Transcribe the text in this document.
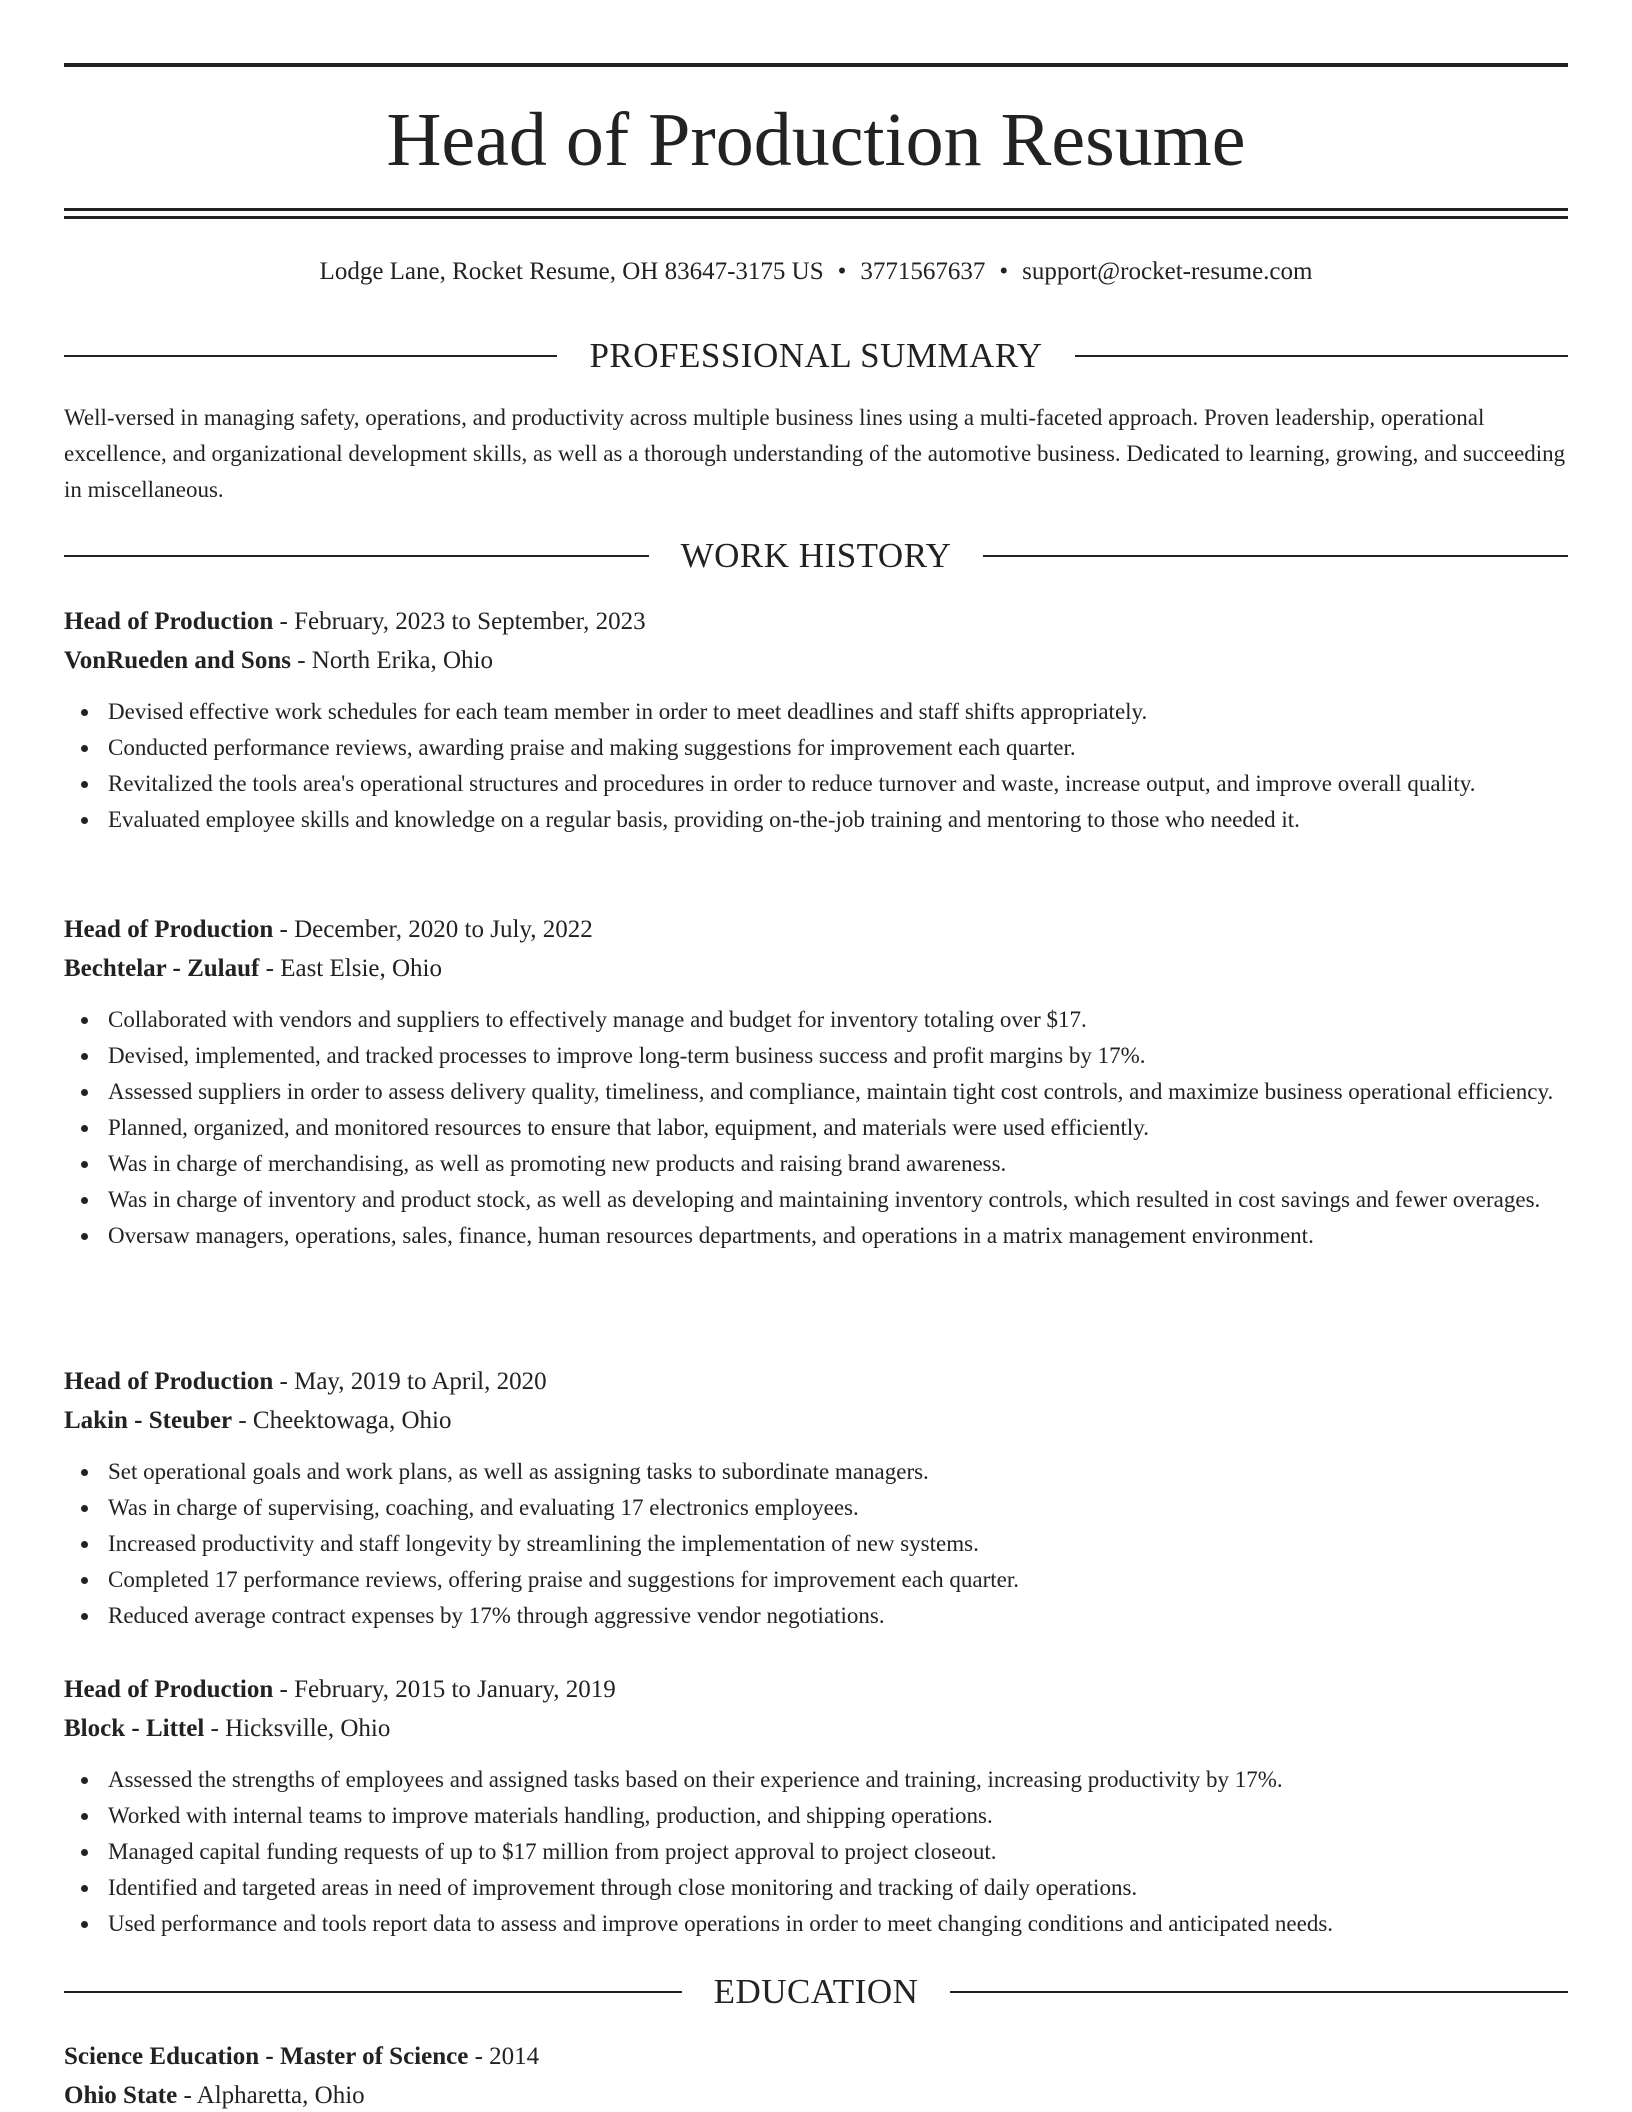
Head of Production Resume
Lodge Lane, Rocket Resume, OH 83647-3175 US • 3771567637 • support@rocket-resume.com
PROFESSIONAL SUMMARY

Well-versed in managing safety, operations, and productivity across multiple business lines using a multi-faceted approach. Proven leadership, operational excellence, and organizational development skills, as well as a thorough understanding of the automotive business. Dedicated to learning, growing, and succeeding in miscellaneous.

WORK HISTORY
Head of Production - February, 2023 to September, 2023
VonRueden and Sons - North Erika, Ohio
Devised effective work schedules for each team member in order to meet deadlines and staff shifts appropriately.
Conducted performance reviews, awarding praise and making suggestions for improvement each quarter.
Revitalized the tools area's operational structures and procedures in order to reduce turnover and waste, increase output, and improve overall quality.
Evaluated employee skills and knowledge on a regular basis, providing on-the-job training and mentoring to those who needed it.
Head of Production - December, 2020 to July, 2022
Bechtelar - Zulauf - East Elsie, Ohio
Collaborated with vendors and suppliers to effectively manage and budget for inventory totaling over $17.
Devised, implemented, and tracked processes to improve long-term business success and profit margins by 17%.
Assessed suppliers in order to assess delivery quality, timeliness, and compliance, maintain tight cost controls, and maximize business operational efficiency.
Planned, organized, and monitored resources to ensure that labor, equipment, and materials were used efficiently.
Was in charge of merchandising, as well as promoting new products and raising brand awareness.
Was in charge of inventory and product stock, as well as developing and maintaining inventory controls, which resulted in cost savings and fewer overages.
Oversaw managers, operations, sales, finance, human resources departments, and operations in a matrix management environment.
Head of Production - May, 2019 to April, 2020
Lakin - Steuber - Cheektowaga, Ohio
Set operational goals and work plans, as well as assigning tasks to subordinate managers.
Was in charge of supervising, coaching, and evaluating 17 electronics employees.
Increased productivity and staff longevity by streamlining the implementation of new systems.
Completed 17 performance reviews, offering praise and suggestions for improvement each quarter.
Reduced average contract expenses by 17% through aggressive vendor negotiations.
Head of Production - February, 2015 to January, 2019
Block - Littel - Hicksville, Ohio
Assessed the strengths of employees and assigned tasks based on their experience and training, increasing productivity by 17%.
Worked with internal teams to improve materials handling, production, and shipping operations.
Managed capital funding requests of up to $17 million from project approval to project closeout.
Identified and targeted areas in need of improvement through close monitoring and tracking of daily operations.
Used performance and tools report data to assess and improve operations in order to meet changing conditions and anticipated needs.
EDUCATION
Science Education - Master of Science - 2014
Ohio State - Alpharetta, Ohio
